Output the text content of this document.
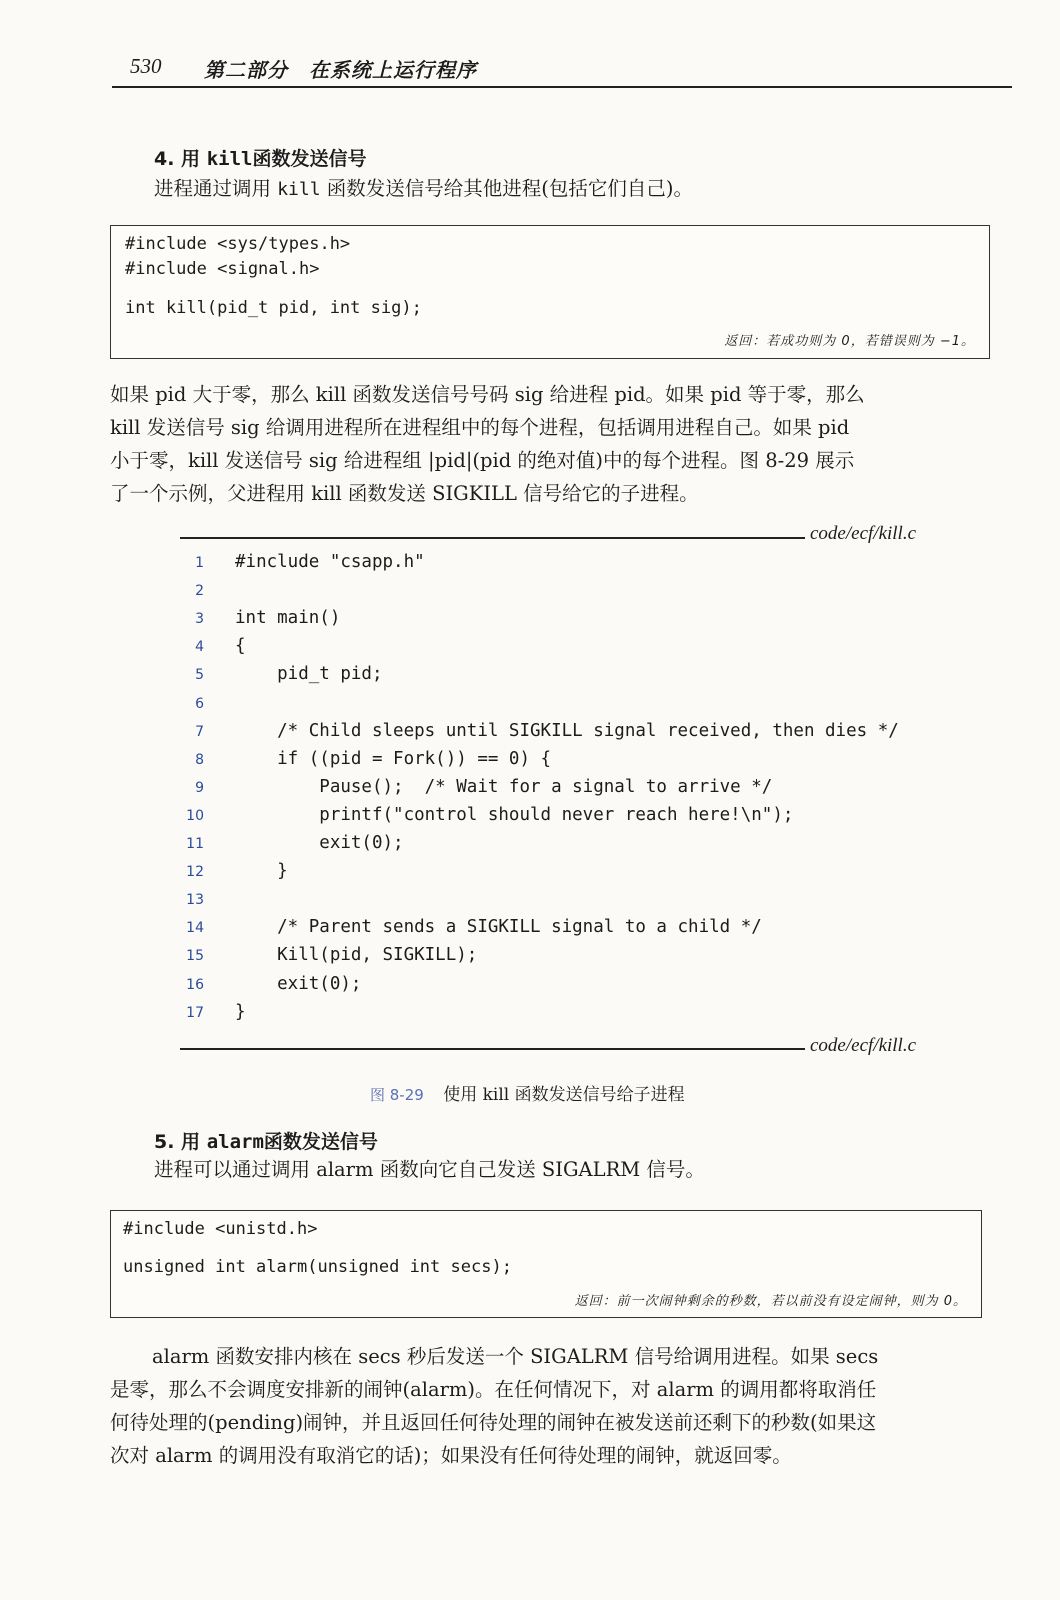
530 第二部分　在系统上运行程序
4. 用 kill函数发送信号
进程通过调用 kill 函数发送信号给其他进程(包括它们自己)。
#include <sys/types.h>
#include <signal.h>
int kill(pid_t pid, int sig);
返回：若成功则为 0，若错误则为 −1。
如果 pid 大于零，那么 kill 函数发送信号号码 sig 给进程 pid。如果 pid 等于零，那么
kill 发送信号 sig 给调用进程所在进程组中的每个进程，包括调用进程自己。如果 pid
小于零，kill 发送信号 sig 给进程组 |pid|(pid 的绝对值)中的每个进程。图 8-29 展示
了一个示例，父进程用 kill 函数发送 SIGKILL 信号给它的子进程。
code/ecf/kill.c
1 #include "csapp.h"
2
3 int main()
4 {
5 pid_t pid;
6
7 /* Child sleeps until SIGKILL signal received, then dies */
8 if ((pid = Fork()) == 0) {
9 Pause();  /* Wait for a signal to arrive */
10 printf("control should never reach here!\n");
11 exit(0);
12 }
13
14 /* Parent sends a SIGKILL signal to a child */
15 Kill(pid, SIGKILL);
16 exit(0);
17 }
code/ecf/kill.c
图 8-29 使用 kill 函数发送信号给子进程
5. 用 alarm函数发送信号
进程可以通过调用 alarm 函数向它自己发送 SIGALRM 信号。
#include <unistd.h>
unsigned int alarm(unsigned int secs);
返回：前一次闹钟剩余的秒数，若以前没有设定闹钟，则为 0。
alarm 函数安排内核在 secs 秒后发送一个 SIGALRM 信号给调用进程。如果 secs
是零，那么不会调度安排新的闹钟(alarm)。在任何情况下，对 alarm 的调用都将取消任
何待处理的(pending)闹钟，并且返回任何待处理的闹钟在被发送前还剩下的秒数(如果这
次对 alarm 的调用没有取消它的话)；如果没有任何待处理的闹钟，就返回零。
